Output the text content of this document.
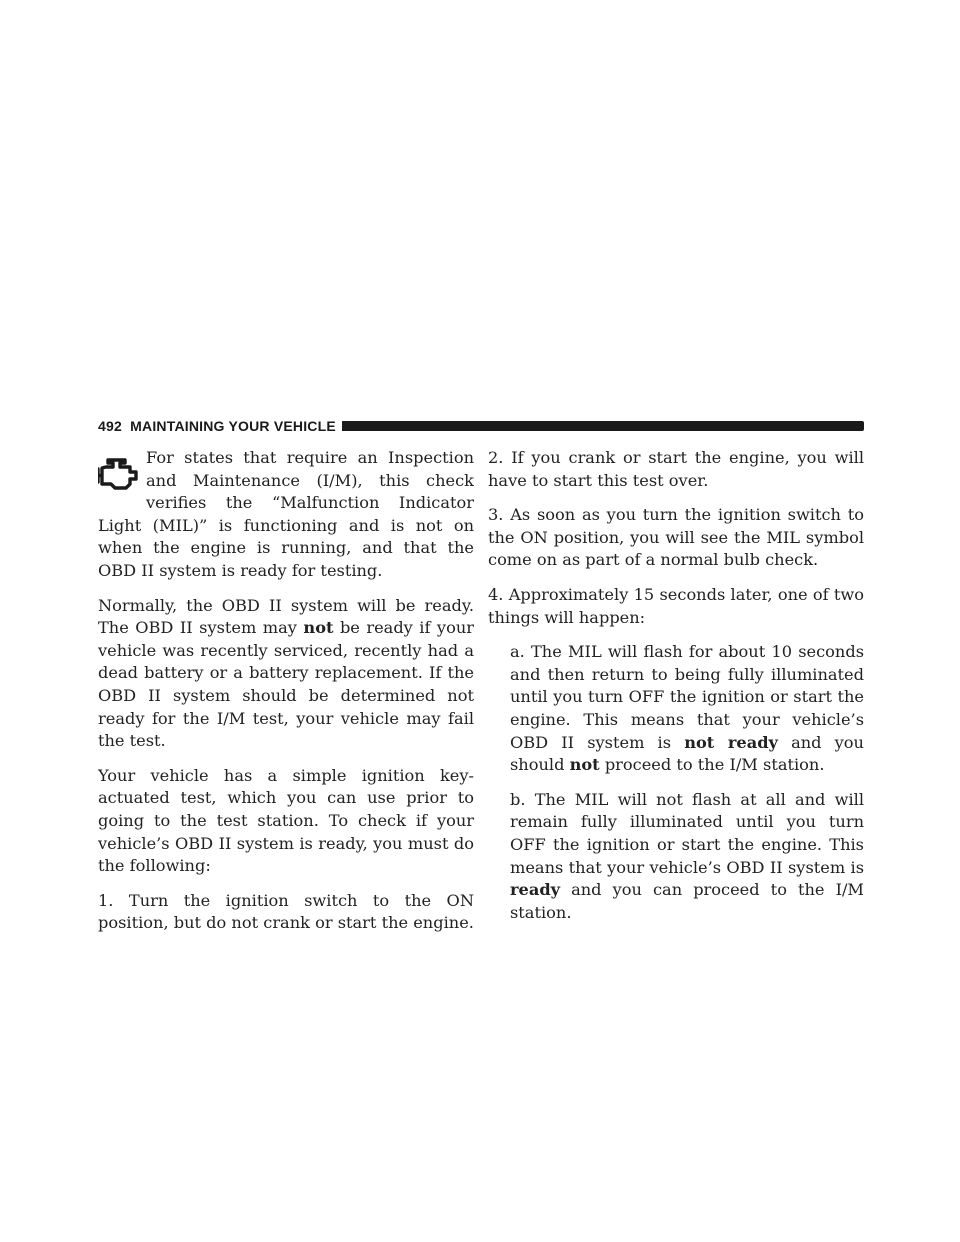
492 MAINTAINING YOUR VEHICLE

For states that require an Inspection and Maintenance (I/M), this check verifies the “Malfunction Indicator Light (MIL)” is functioning and is not on when the engine is running, and that the OBD II system is ready for testing.

Normally, the OBD II system will be ready. The OBD II system may not be ready if your vehicle was recently serviced, recently had a dead battery or a battery replacement. If the OBD II system should be determined not ready for the I/M test, your vehicle may fail the test.

Your vehicle has a simple ignition key-actuated test, which you can use prior to going to the test station. To check if your vehicle’s OBD II system is ready, you must do the following:

1. Turn the ignition switch to the ON position, but do not crank or start the engine.

2. If you crank or start the engine, you will have to start this test over.

3. As soon as you turn the ignition switch to the ON position, you will see the MIL symbol come on as part of a normal bulb check.

4. Approximately 15 seconds later, one of two things will happen:

a. The MIL will flash for about 10 seconds and then return to being fully illuminated until you turn OFF the ignition or start the engine. This means that your vehicle’s OBD II system is not ready and you should not proceed to the I/M station.

b. The MIL will not flash at all and will remain fully illuminated until you turn OFF the ignition or start the engine. This means that your vehicle’s OBD II system is ready and you can proceed to the I/M station.
